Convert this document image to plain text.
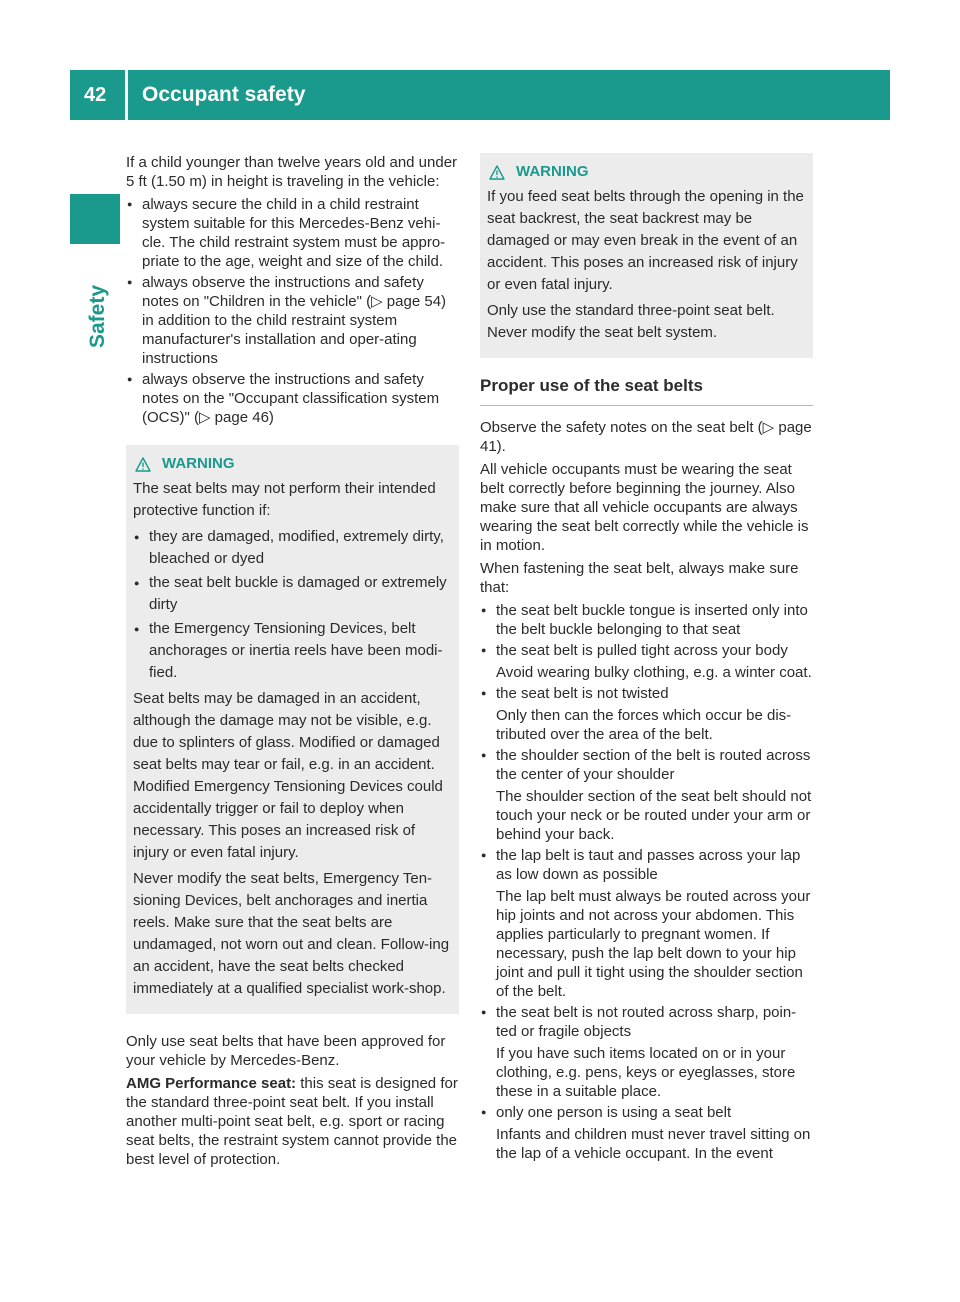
42 Occupant safety
Safety

If a child younger than twelve years old and under 5 ft (1.50 m) in height is traveling in the vehicle:

● always secure the child in a child restraint system suitable for this Mercedes-Benz vehi-cle. The child restraint system must be appro-priate to the age, weight and size of the child.
● always observe the instructions and safety notes on "Children in the vehicle" (▷ page 54) in addition to the child restraint system manufacturer's installation and oper-ating instructions
● always observe the instructions and safety notes on the "Occupant classification system (OCS)" (▷ page 46)
WARNING

The seat belts may not perform their intended protective function if:

● they are damaged, modified, extremely dirty, bleached or dyed
● the seat belt buckle is damaged or extremely dirty
● the Emergency Tensioning Devices, belt anchorages or inertia reels have been modi-fied.

Seat belts may be damaged in an accident, although the damage may not be visible, e.g. due to splinters of glass. Modified or damaged seat belts may tear or fail, e.g. in an accident. Modified Emergency Tensioning Devices could accidentally trigger or fail to deploy when necessary. This poses an increased risk of injury or even fatal injury.

Never modify the seat belts, Emergency Ten-sioning Devices, belt anchorages and inertia reels. Make sure that the seat belts are undamaged, not worn out and clean. Follow-ing an accident, have the seat belts checked immediately at a qualified specialist work-shop.

Only use seat belts that have been approved for your vehicle by Mercedes-Benz.

AMG Performance seat: this seat is designed for the standard three-point seat belt. If you install another multi-point seat belt, e.g. sport or racing seat belts, the restraint system cannot provide the best level of protection.

WARNING

If you feed seat belts through the opening in the seat backrest, the seat backrest may be damaged or may even break in the event of an accident. This poses an increased risk of injury or even fatal injury.

Only use the standard three-point seat belt. Never modify the seat belt system.

Proper use of the seat belts

Observe the safety notes on the seat belt (▷ page 41).

All vehicle occupants must be wearing the seat belt correctly before beginning the journey. Also make sure that all vehicle occupants are always wearing the seat belt correctly while the vehicle is in motion.

When fastening the seat belt, always make sure that:

● the seat belt buckle tongue is inserted only into the belt buckle belonging to that seat
● the seat belt is pulled tight across your body
Avoid wearing bulky clothing, e.g. a winter coat.
● the seat belt is not twisted
Only then can the forces which occur be dis-tributed over the area of the belt.
● the shoulder section of the belt is routed across the center of your shoulder
The shoulder section of the seat belt should not touch your neck or be routed under your arm or behind your back.
● the lap belt is taut and passes across your lap as low down as possible
The lap belt must always be routed across your hip joints and not across your abdomen. This applies particularly to pregnant women. If necessary, push the lap belt down to your hip joint and pull it tight using the shoulder section of the belt.
● the seat belt is not routed across sharp, poin-ted or fragile objects
If you have such items located on or in your clothing, e.g. pens, keys or eyeglasses, store these in a suitable place.
● only one person is using a seat belt
Infants and children must never travel sitting on the lap of a vehicle occupant. In the event
